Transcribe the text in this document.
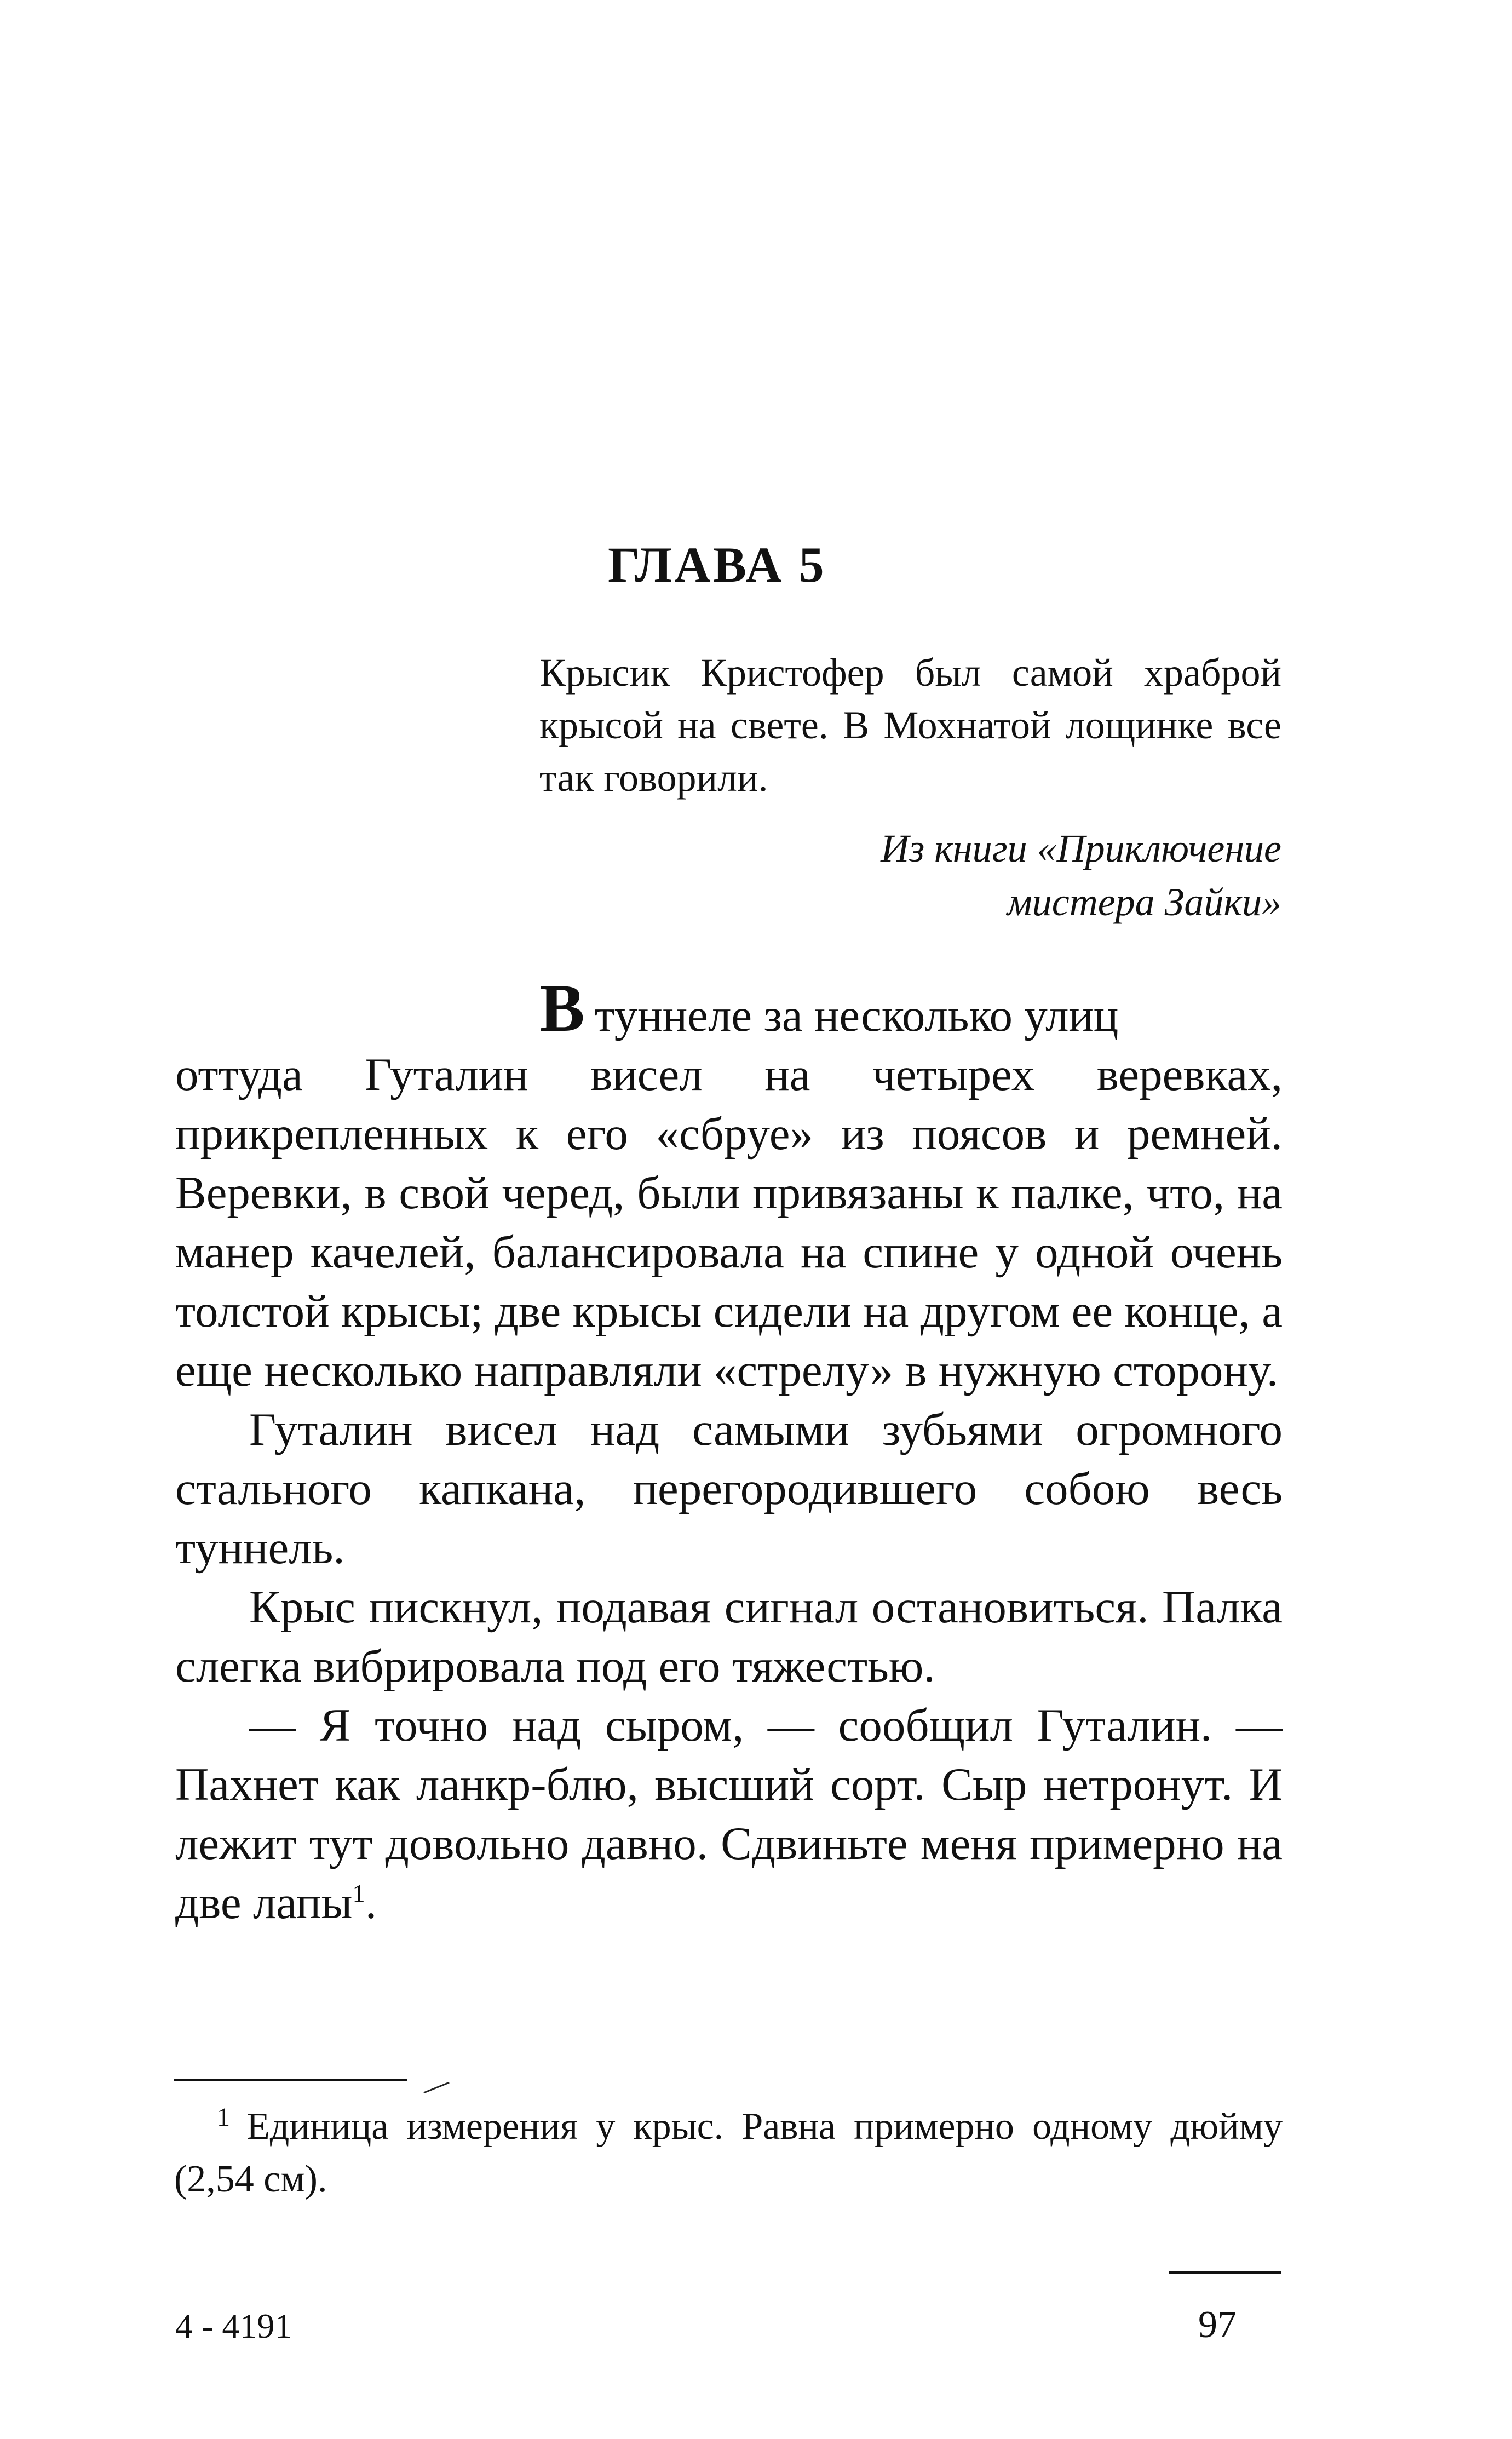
ГЛАВА 5
Крысик Кристофер был самой храброй крысой на свете. В Мохнатой лощинке все так говорили.
Из книги «Приключение
мистера Зайки»

В туннеле за несколько улиц
оттуда Гуталин висел на четырех веревках, прикрепленных к его «сбруе» из поясов и ремней. Веревки, в свой черед, были привязаны к палке, что, на манер качелей, балансировала на спине у одной очень толстой крысы; две крысы сидели на другом ее конце, а еще несколько направляли «стрелу» в нужную сторону.

Гуталин висел над самыми зубьями огромного стального капкана, перегородившего собою весь туннель.

Крыс пискнул, подавая сигнал остановиться. Палка слегка вибрировала под его тяжестью.

— Я точно над сыром, — сообщил Гуталин. — Пахнет как ланкр-блю, высший сорт. Сыр нетронут. И лежит тут довольно давно. Сдвиньте меня примерно на две лапы$^1$.

$^1$ Единица измерения у крыс. Равна примерно одному дюйму (2,54 см).
4 - 4191	97
